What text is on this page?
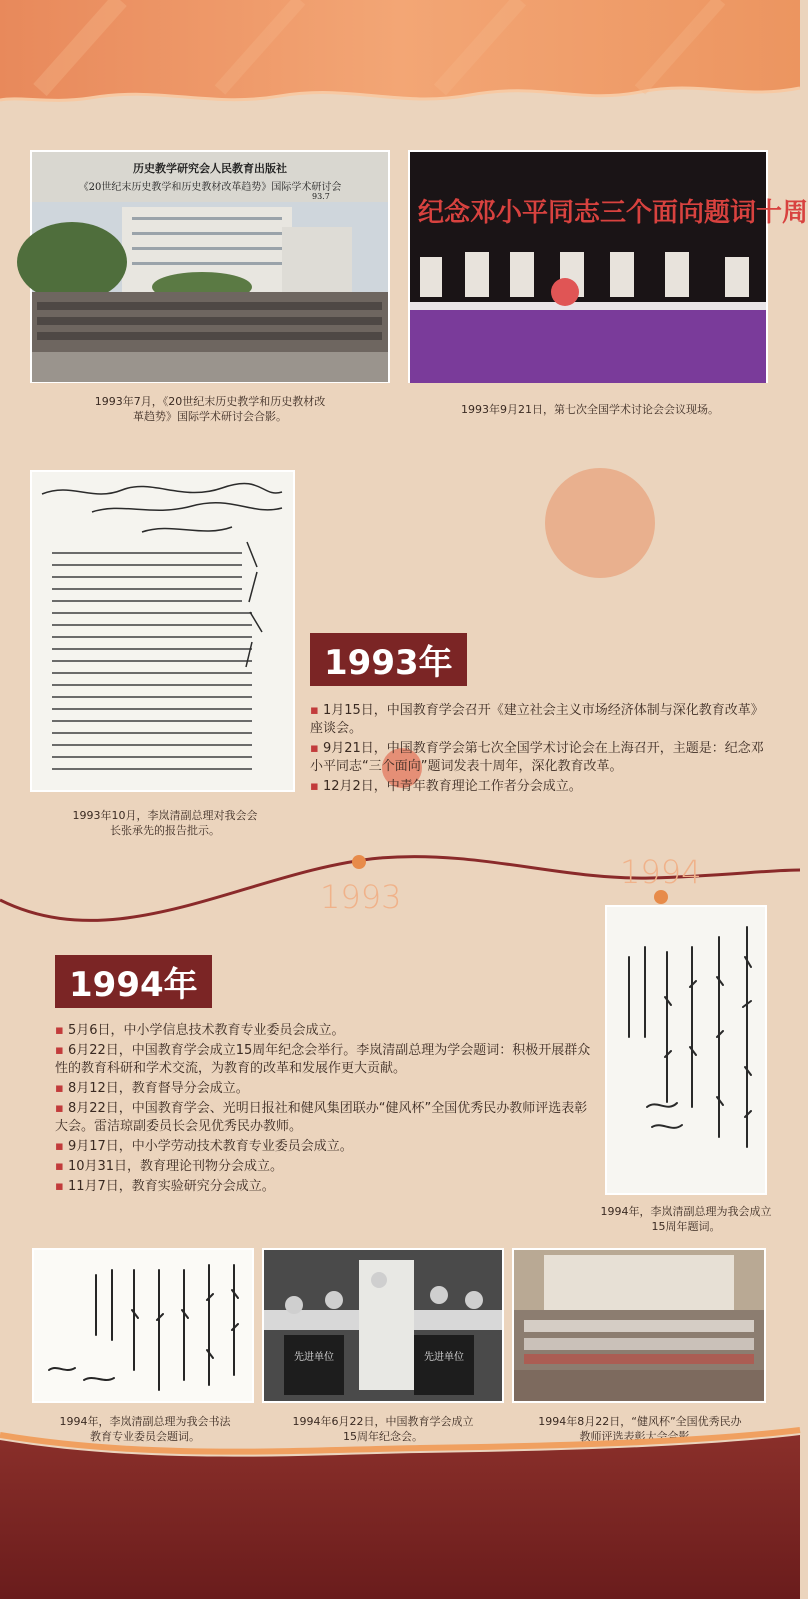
历史教学研究会人民教育出版社
《20世纪末历史教学和历史教材改革趋势》国际学术研讨会
93.7
纪念邓小平同志三个面向题词十周
1993年7月，《20世纪末历史教学和历史教材改革趋势》国际学术研讨会合影。
1993年9月21日，第七次全国学术讨论会会议现场。
1993年10月，李岚清副总理对我会会长张承先的报告批示。
1993年
▪ 1月15日，中国教育学会召开《建立社会主义市场经济体制与深化教育改革》座谈会。
▪ 9月21日，中国教育学会第七次全国学术讨论会在上海召开，主题是：纪念邓小平同志“三个面向”题词发表十周年，深化教育改革。
▪ 12月2日，中青年教育理论工作者分会成立。
1993
1994
1994年
▪ 5月6日，中小学信息技术教育专业委员会成立。
▪ 6月22日，中国教育学会成立15周年纪念会举行。李岚清副总理为学会题词：积极开展群众性的教育科研和学术交流，为教育的改革和发展作更大贡献。
▪ 8月12日，教育督导分会成立。
▪ 8月22日，中国教育学会、光明日报社和健风集团联办“健风杯”全国优秀民办教师评选表彰大会。雷洁琼副委员长会见优秀民办教师。
▪ 9月17日，中小学劳动技术教育专业委员会成立。
▪ 10月31日，教育理论刊物分会成立。
▪ 11月7日，教育实验研究分会成立。
1994年，李岚清副总理为我会成立15周年题词。
先进单位	先进单位
1994年，李岚清副总理为我会书法教育专业委员会题词。
1994年6月22日，中国教育学会成立15周年纪念会。
1994年8月22日，“健风杯”全国优秀民办教师评选表彰大会合影。
